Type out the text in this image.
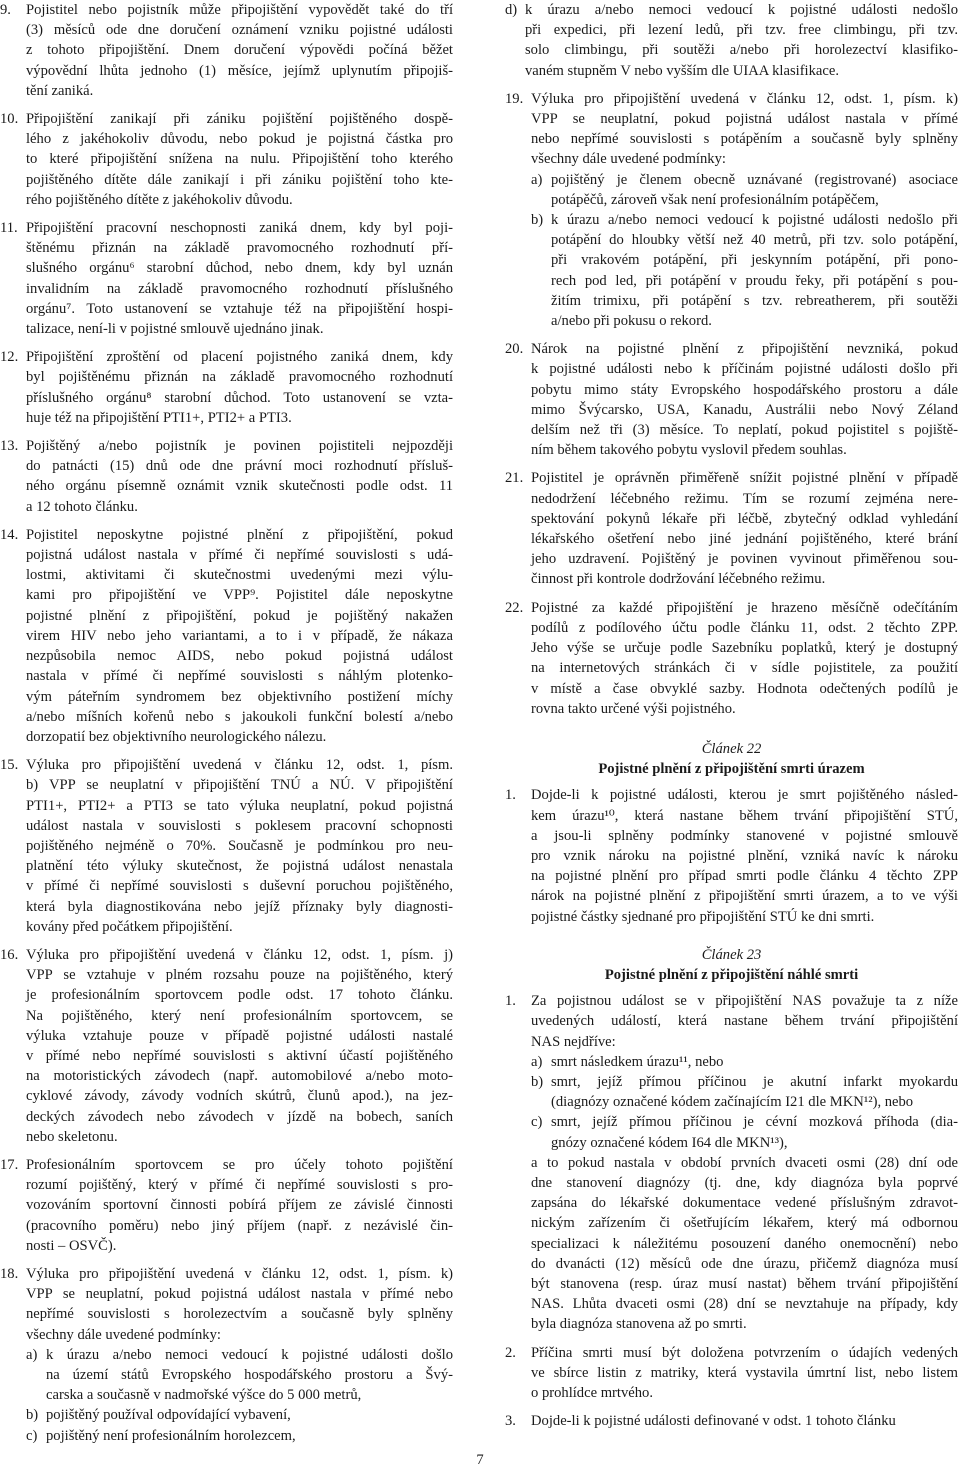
9. Pojistitel nebo pojistník může připojištění vypovědět také do tří
(3) měsíců ode dne doručení oznámení vzniku pojistné události
z tohoto připojištění. Dnem doručení výpovědi počíná běžet
výpovědní lhůta jednoho (1) měsíce, jejímž uplynutím připojiš-
tění zaniká.
10. Připojištění zanikají při zániku pojištění pojištěného dospě-
lého z jakéhokoliv důvodu, nebo pokud je pojistná částka pro
to které připojištění snížena na nulu. Připojištění toho kterého
pojištěného dítěte dále zanikají i při zániku pojištění toho kte-
rého pojištěného dítěte z jakéhokoliv důvodu.
11. Připojištění pracovní neschopnosti zaniká dnem, kdy byl poji-
štěnému přiznán na základě pravomocného rozhodnutí pří-
slušného orgánu⁶ starobní důchod, nebo dnem, kdy byl uznán
invalidním na základě pravomocného rozhodnutí příslušného
orgánu⁷. Toto ustanovení se vztahuje též na připojištění hospi-
talizace, není-li v pojistné smlouvě ujednáno jinak.
12. Připojištění zproštění od placení pojistného zaniká dnem, kdy
byl pojištěnému přiznán na základě pravomocného rozhodnutí
příslušného orgánu⁸ starobní důchod. Toto ustanovení se vzta-
huje též na připojištění PTI1+, PTI2+ a PTI3.
13. Pojištěný a/nebo pojistník je povinen pojistiteli nejpozději
do patnácti (15) dnů ode dne právní moci rozhodnutí přísluš-
ného orgánu písemně oznámit vznik skutečnosti podle odst. 11
a 12 tohoto článku.
14. Pojistitel neposkytne pojistné plnění z připojištění, pokud
pojistná událost nastala v přímé či nepřímé souvislosti s udá-
lostmi, aktivitami či skutečnostmi uvedenými mezi výlu-
kami pro připojištění ve VPP⁹. Pojistitel dále neposkytne
pojistné plnění z připojištění, pokud je pojištěný nakažen
virem HIV nebo jeho variantami, a to i v případě, že nákaza
nezpůsobila nemoc AIDS, nebo pokud pojistná událost
nastala v přímé či nepřímé souvislosti s náhlým plotenko-
vým páteřním syndromem bez objektivního postižení míchy
a/nebo míšních kořenů nebo s jakoukoli funkční bolestí a/nebo
dorzopatií bez objektivního neurologického nálezu.
15. Výluka pro připojištění uvedená v článku 12, odst. 1, písm.
b) VPP se neuplatní v připojištění TNÚ a NÚ. V připojištění
PTI1+, PTI2+ a PTI3 se tato výluka neuplatní, pokud pojistná
událost nastala v souvislosti s poklesem pracovní schopnosti
pojištěného nejméně o 70%. Současně je podmínkou pro neu-
platnění této výluky skutečnost, že pojistná událost nenastala
v přímé či nepřímé souvislosti s duševní poruchou pojištěného,
která byla diagnostikována nebo jejíž příznaky byly diagnosti-
kovány před počátkem připojištění.
16. Výluka pro připojištění uvedená v článku 12, odst. 1, písm. j)
VPP se vztahuje v plném rozsahu pouze na pojištěného, který
je profesionálním sportovcem podle odst. 17 tohoto článku.
Na pojištěného, který není profesionálním sportovcem, se
výluka vztahuje pouze v případě pojistné události nastalé
v přímé nebo nepřímé souvislosti s aktivní účastí pojištěného
na motoristických závodech (např. automobilové a/nebo moto-
cyklové závody, závody vodních skútrů, člunů apod.), na jez-
deckých závodech nebo závodech v jízdě na bobech, saních
nebo skeletonu.
17. Profesionálním sportovcem se pro účely tohoto pojištění
rozumí pojištěný, který v přímé či nepřímé souvislosti s pro-
vozováním sportovní činnosti pobírá příjem ze závislé činnosti
(pracovního poměru) nebo jiný příjem (např. z nezávislé čin-
nosti – OSVČ).
18. Výluka pro připojištění uvedená v článku 12, odst. 1, písm. k)
VPP se neuplatní, pokud pojistná událost nastala v přímé nebo
nepřímé souvislosti s horolezectvím a současně byly splněny
všechny dále uvedené podmínky:
a) k úrazu a/nebo nemoci vedoucí k pojistné události došlo
na území států Evropského hospodářského prostoru a Švý-
carska a současně v nadmořské výšce do 5 000 metrů,
b) pojištěný používal odpovídající vybavení,
c) pojištěný není profesionálním horolezcem,
d) k úrazu a/nebo nemoci vedoucí k pojistné události nedošlo
při expedici, při lezení ledů, při tzv. free climbingu, při tzv.
solo climbingu, při soutěži a/nebo při horolezectví klasifiko-
vaném stupněm V nebo vyšším dle UIAA klasifikace.
19. Výluka pro připojištění uvedená v článku 12, odst. 1, písm. k)
VPP se neuplatní, pokud pojistná událost nastala v přímé
nebo nepřímé souvislosti s potápěním a současně byly splněny
všechny dále uvedené podmínky:
a) pojištěný je členem obecně uznávané (registrované) asociace
potápěčů, zároveň však není profesionálním potápěčem,
b) k úrazu a/nebo nemoci vedoucí k pojistné události nedošlo při
potápění do hloubky větší než 40 metrů, při tzv. solo potápění,
při vrakovém potápění, při jeskynním potápění, při pono-
rech pod led, při potápění v proudu řeky, při potápění s pou-
žitím trimixu, při potápění s tzv. rebreatherem, při soutěži
a/nebo při pokusu o rekord.
20. Nárok na pojistné plnění z připojištění nevzniká, pokud
k pojistné události nebo k příčinám pojistné události došlo při
pobytu mimo státy Evropského hospodářského prostoru a dále
mimo Švýcarsko, USA, Kanadu, Austrálii nebo Nový Zéland
delším než tři (3) měsíce. To neplatí, pokud pojistitel s pojiště-
ním během takového pobytu vyslovil předem souhlas.
21. Pojistitel je oprávněn přiměřeně snížit pojistné plnění v případě
nedodržení léčebného režimu. Tím se rozumí zejména nere-
spektování pokynů lékaře při léčbě, zbytečný odklad vyhledání
lékařského ošetření nebo jiné jednání pojištěného, které brání
jeho uzdravení. Pojištěný je povinen vyvinout přiměřenou sou-
činnost při kontrole dodržování léčebného režimu.
22. Pojistné za každé připojištění je hrazeno měsíčně odečítáním
podílů z podílového účtu podle článku 11, odst. 2 těchto ZPP.
Jeho výše se určuje podle Sazebníku poplatků, který je dostupný
na internetových stránkách či v sídle pojistitele, za použití
v místě a čase obvyklé sazby. Hodnota odečtených podílů je
rovna takto určené výši pojistného.
Článek 22
Pojistné plnění z připojištění smrti úrazem
1. Dojde-li k pojistné události, kterou je smrt pojištěného násled-
kem úrazu¹⁰, která nastane během trvání připojištění STÚ,
a jsou-li splněny podmínky stanovené v pojistné smlouvě
pro vznik nároku na pojistné plnění, vzniká navíc k nároku
na pojistné plnění pro případ smrti podle článku 4 těchto ZPP
nárok na pojistné plnění z připojištění smrti úrazem, a to ve výši
pojistné částky sjednané pro připojištění STÚ ke dni smrti.
Článek 23
Pojistné plnění z připojištění náhlé smrti
1. Za pojistnou událost se v připojištění NAS považuje ta z níže
uvedených událostí, která nastane během trvání připojištění
NAS nejdříve:
a) smrt následkem úrazu¹¹, nebo
b) smrt, jejíž přímou příčinou je akutní infarkt myokardu
(diagnózy označené kódem začínajícím I21 dle MKN¹²), nebo
c) smrt, jejíž přímou příčinou je cévní mozková příhoda (dia-
gnózy označené kódem I64 dle MKN¹³),
a to pokud nastala v období prvních dvaceti osmi (28) dní ode
dne stanovení diagnózy (tj. dne, kdy diagnóza byla poprvé
zapsána do lékařské dokumentace vedené příslušným zdravot-
nickým zařízením či ošetřujícím lékařem, který má odbornou
specializaci k náležitému posouzení daného onemocnění) nebo
do dvanácti (12) měsíců ode dne úrazu, přičemž diagnóza musí
být stanovena (resp. úraz musí nastat) během trvání připojištění
NAS. Lhůta dvaceti osmi (28) dní se nevztahuje na případy, kdy
byla diagnóza stanovena až po smrti.
2. Příčina smrti musí být doložena potvrzením o údajích vedených
ve sbírce listin z matriky, která vystavila úmrtní list, nebo listem
o prohlídce mrtvého.
3. Dojde-li k pojistné události definované v odst. 1 tohoto článku
7
